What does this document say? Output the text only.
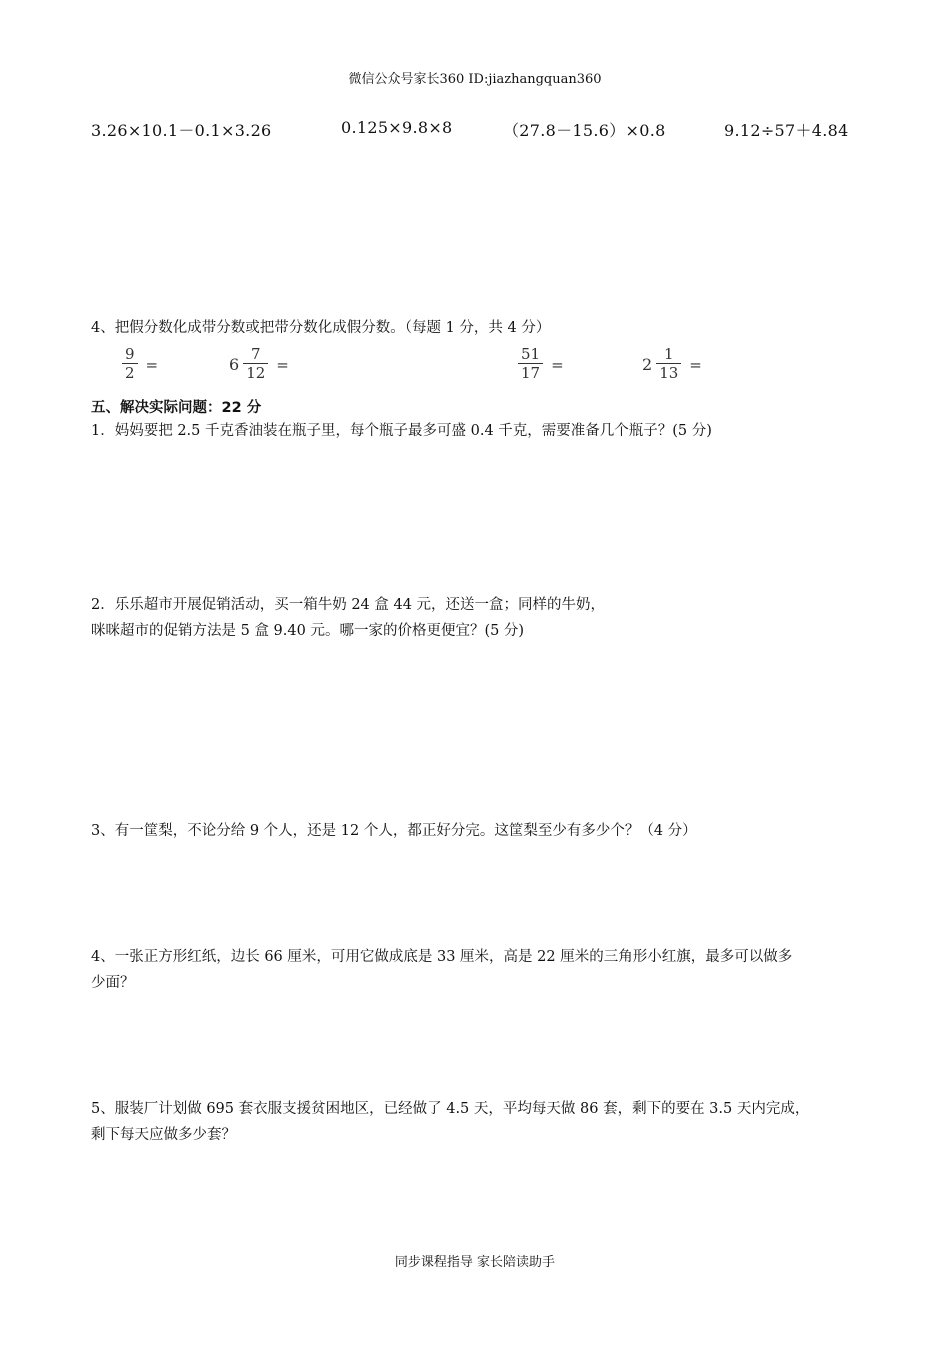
微信公众号家长360 ID:jiazhangquan360
3.26×10.1－0.1×3.26	0.125×9.8×8	（27.8－15.6）×0.8	9.12÷57＋4.84
4、把假分数化成带分数或把带分数化成假分数。（每题 1 分，共 4 分）
$\frac{9}{2}$ =	$6 \frac{7}{12}$ =	$\frac{51}{17}$ =	$2 \frac{1}{13}$ =
五、解决实际问题：22 分
1．妈妈要把 2.5 千克香油装在瓶子里，每个瓶子最多可盛 0.4 千克，需要准备几个瓶子？(5 分)
2．乐乐超市开展促销活动，买一箱牛奶 24 盒 44 元，还送一盒；同样的牛奶，
咪咪超市的促销方法是 5 盒 9.40 元。哪一家的价格更便宜？(5 分)
3、有一筐梨，不论分给 9 个人，还是 12 个人，都正好分完。这筐梨至少有多少个？（4 分）
4、一张正方形红纸，边长 66 厘米，可用它做成底是 33 厘米，高是 22 厘米的三角形小红旗，最多可以做多
少面？
5、服装厂计划做 695 套衣服支援贫困地区，已经做了 4.5 天，平均每天做 86 套，剩下的要在 3.5 天内完成，
剩下每天应做多少套？
同步课程指导 家长陪读助手
